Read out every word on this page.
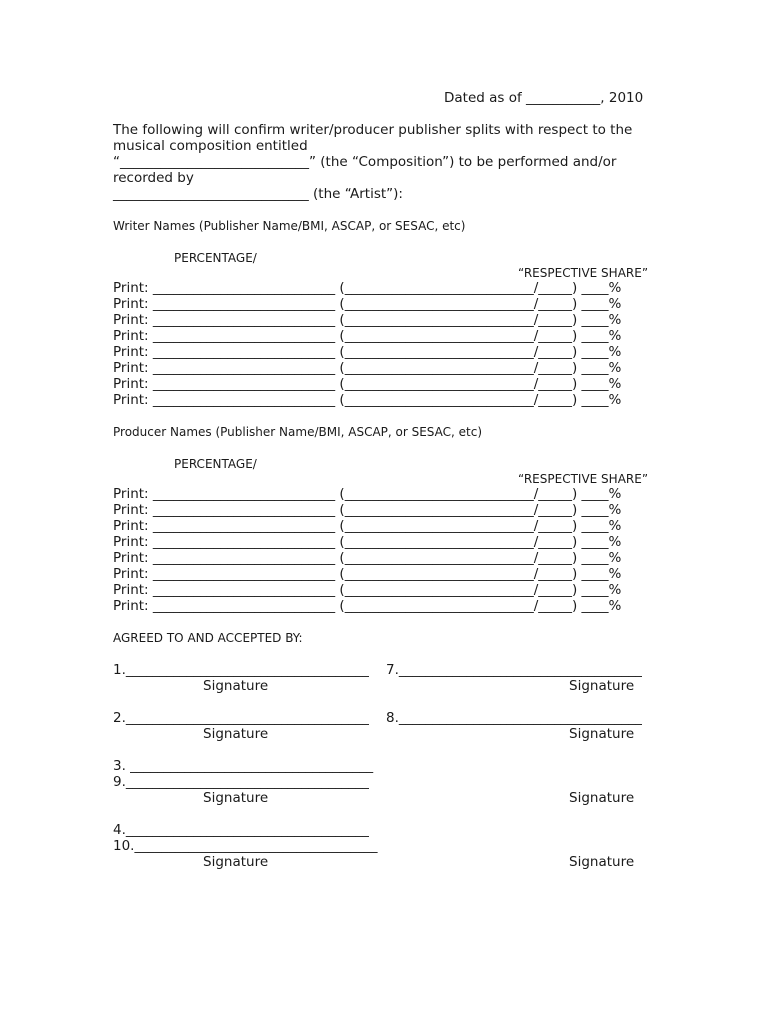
Dated as of ___________, 2010
The following will confirm writer/producer publisher splits with respect to the
musical composition entitled
“____________________________” (the “Composition”) to be performed and/or
recorded by
_____________________________ (the “Artist”):
Writer Names (Publisher Name/BMI, ASCAP, or SESAC, etc)
PERCENTAGE/
“RESPECTIVE SHARE”
Print: ___________________________ (____________________________/_____) ____%
Print: ___________________________ (____________________________/_____) ____%
Print: ___________________________ (____________________________/_____) ____%
Print: ___________________________ (____________________________/_____) ____%
Print: ___________________________ (____________________________/_____) ____%
Print: ___________________________ (____________________________/_____) ____%
Print: ___________________________ (____________________________/_____) ____%
Print: ___________________________ (____________________________/_____) ____%
Producer Names (Publisher Name/BMI, ASCAP, or SESAC, etc)
PERCENTAGE/
“RESPECTIVE SHARE”
Print: ___________________________ (____________________________/_____) ____%
Print: ___________________________ (____________________________/_____) ____%
Print: ___________________________ (____________________________/_____) ____%
Print: ___________________________ (____________________________/_____) ____%
Print: ___________________________ (____________________________/_____) ____%
Print: ___________________________ (____________________________/_____) ____%
Print: ___________________________ (____________________________/_____) ____%
Print: ___________________________ (____________________________/_____) ____%
AGREED TO AND ACCEPTED BY:
1.____________________________________ 7.____________________________________
Signature	Signature
2.____________________________________ 8.____________________________________
Signature	Signature
3. ____________________________________
9.____________________________________
Signature	Signature
4.____________________________________
10.____________________________________
Signature	Signature
